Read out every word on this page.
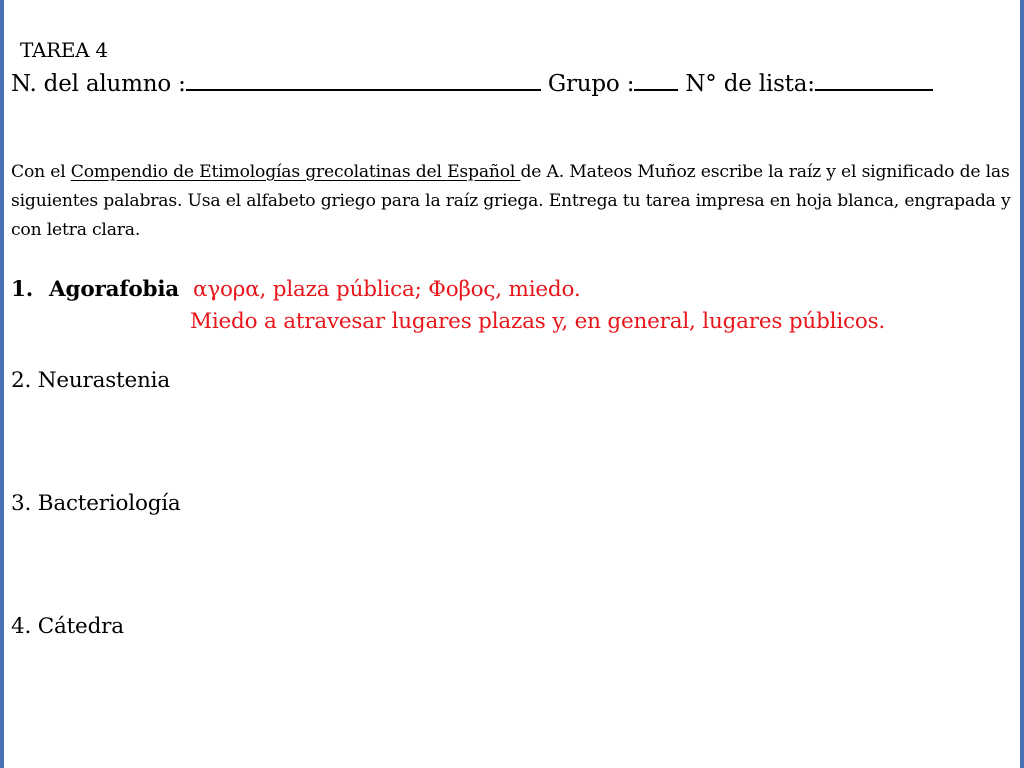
TAREA 4
N. del alumno :	Grupo : N° de lista:
Con el Compendio de Etimologías grecolatinas del Español de A. Mateos Muñoz escribe la raíz y el significado de las siguientes palabras. Usa el alfabeto griego para la raíz griega. Entrega tu tarea impresa en hoja blanca, engrapada y con letra clara.
1. Agorafobia αγορα, plaza pública; Φοβος, miedo.
Miedo a atravesar lugares plazas y, en general, lugares públicos.
2. Neurastenia
3. Bacteriología
4. Cátedra
